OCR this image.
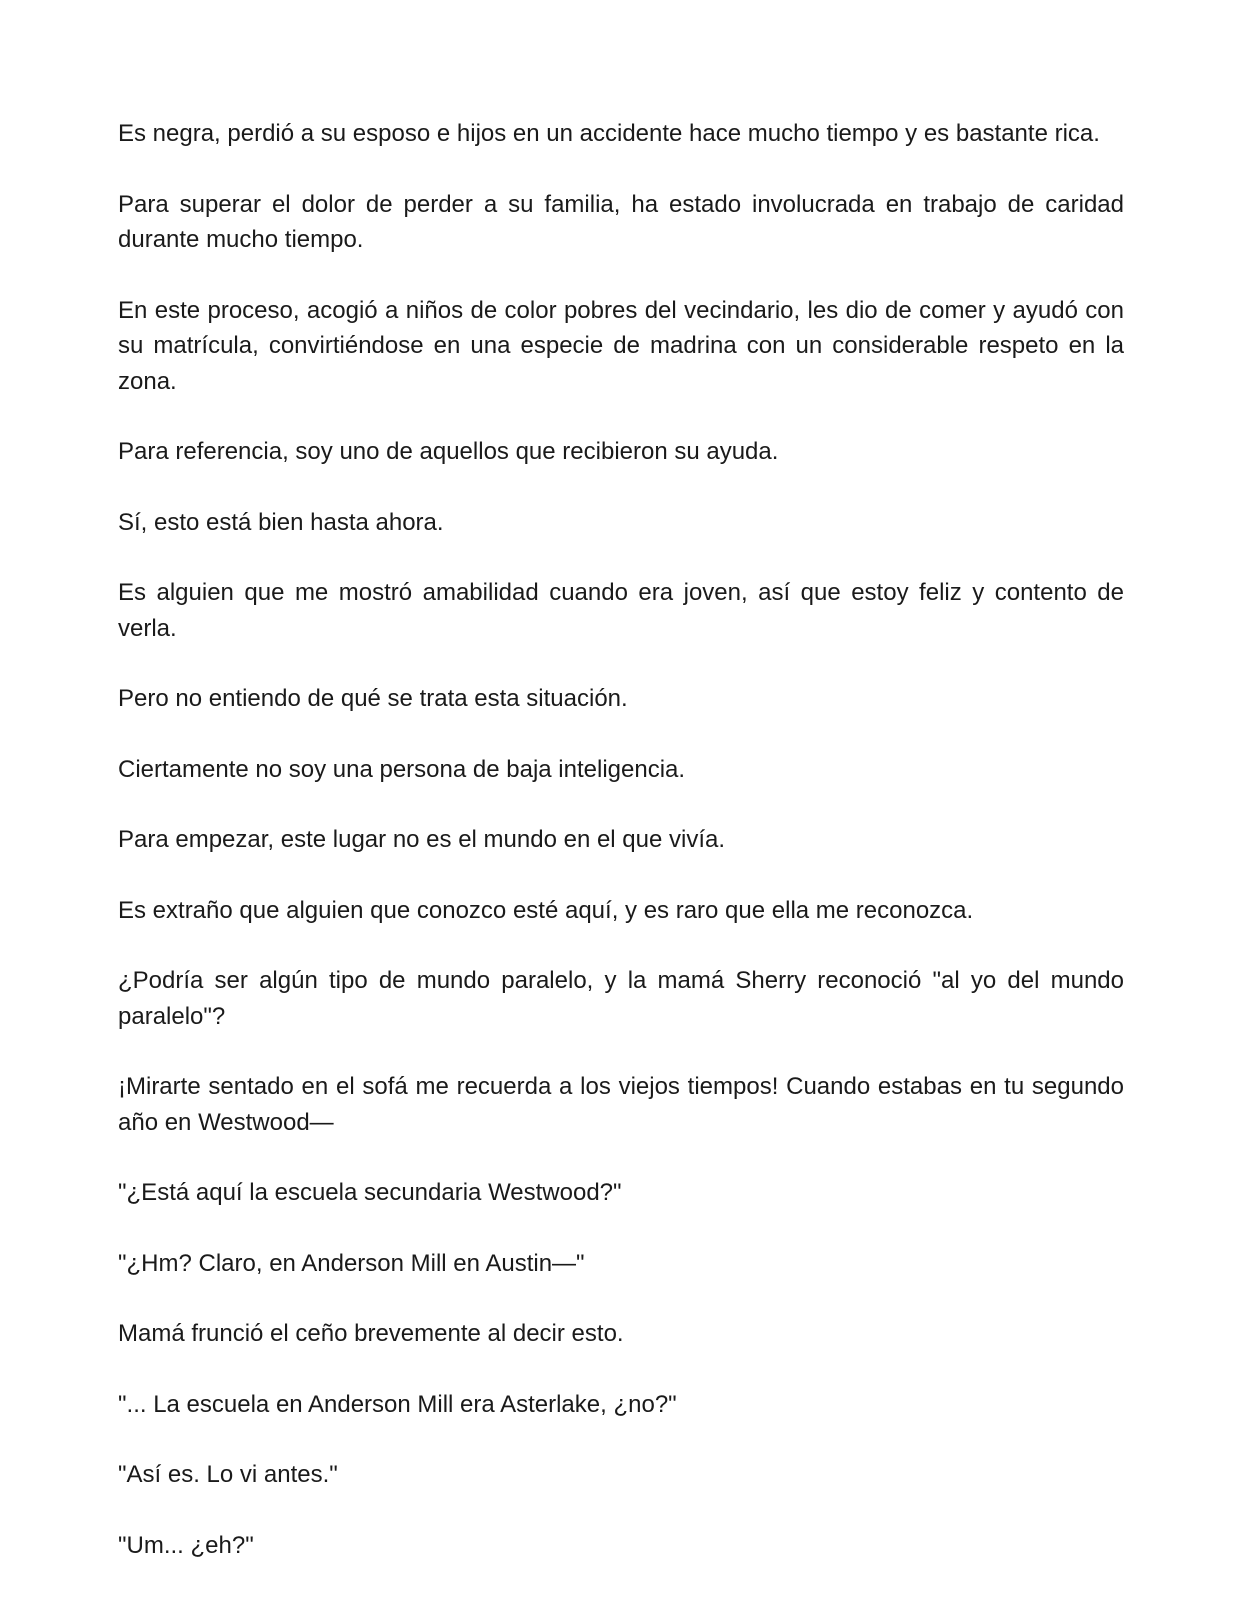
Es negra, perdió a su esposo e hijos en un accidente hace mucho tiempo y es bastante rica.

Para superar el dolor de perder a su familia, ha estado involucrada en trabajo de caridad durante mucho tiempo.

En este proceso, acogió a niños de color pobres del vecindario, les dio de comer y ayudó con su matrícula, convirtiéndose en una especie de madrina con un considerable respeto en la zona.

Para referencia, soy uno de aquellos que recibieron su ayuda.

Sí, esto está bien hasta ahora.

Es alguien que me mostró amabilidad cuando era joven, así que estoy feliz y contento de verla.

Pero no entiendo de qué se trata esta situación.

Ciertamente no soy una persona de baja inteligencia.

Para empezar, este lugar no es el mundo en el que vivía.

Es extraño que alguien que conozco esté aquí, y es raro que ella me reconozca.

¿Podría ser algún tipo de mundo paralelo, y la mamá Sherry reconoció "al yo del mundo paralelo"?

¡Mirarte sentado en el sofá me recuerda a los viejos tiempos! Cuando estabas en tu segundo año en Westwood—

"¿Está aquí la escuela secundaria Westwood?"

"¿Hm? Claro, en Anderson Mill en Austin—"

Mamá frunció el ceño brevemente al decir esto.

"... La escuela en Anderson Mill era Asterlake, ¿no?"

"Así es. Lo vi antes."

"Um... ¿eh?"
